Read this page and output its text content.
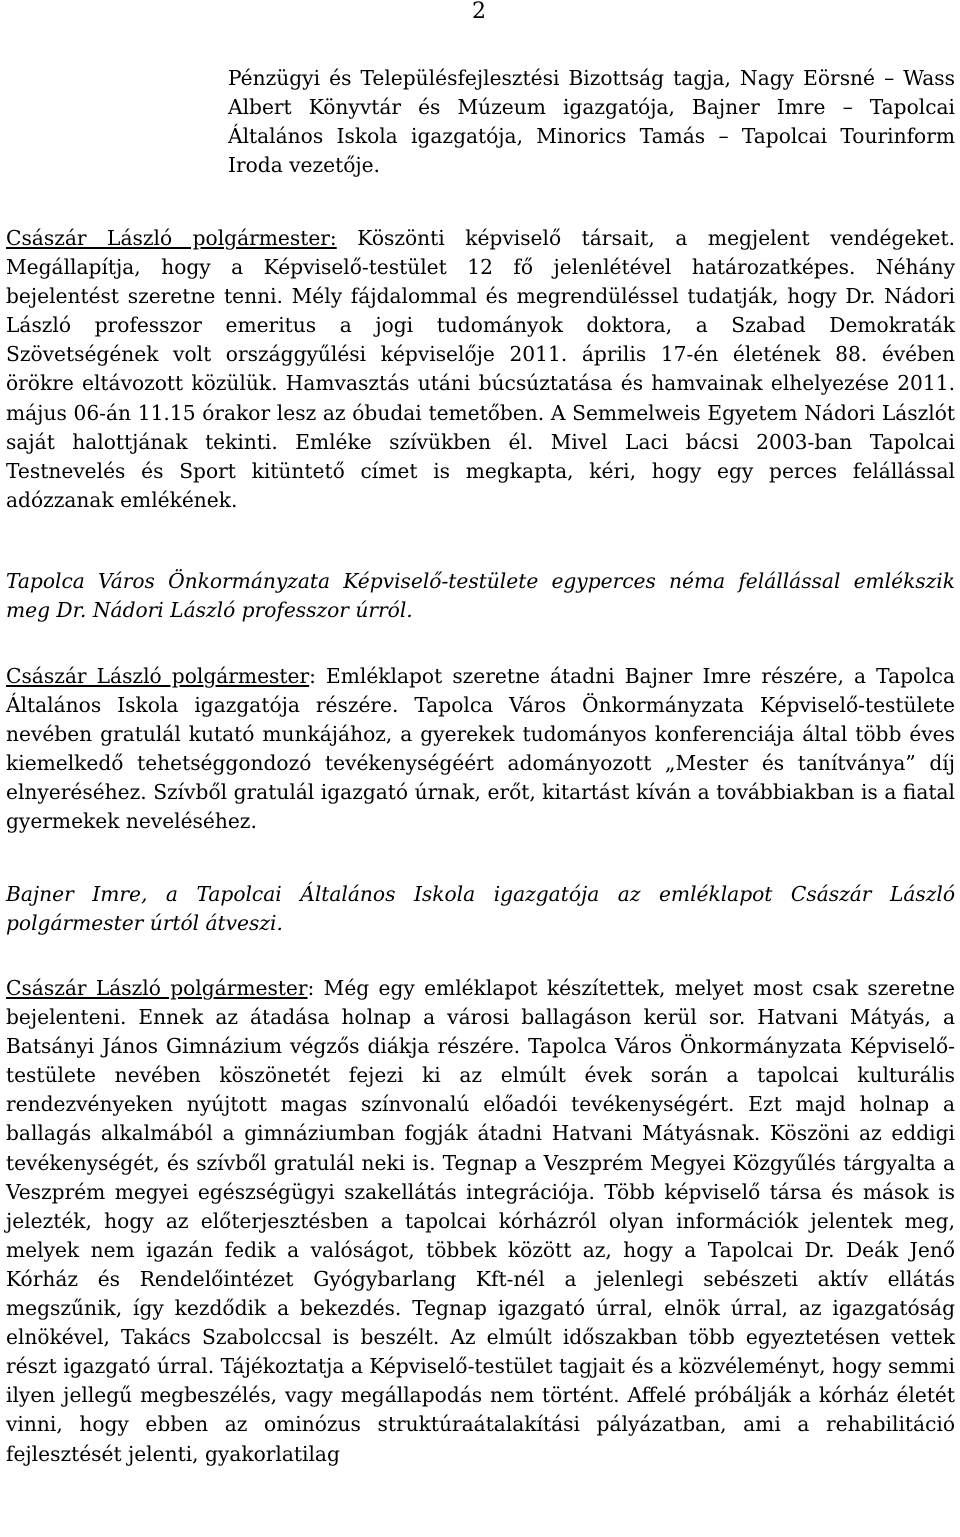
2

Pénzügyi és Településfejlesztési Bizottság tagja, Nagy Eörsné – Wass Albert Könyvtár és Múzeum igazgatója, Bajner Imre – Tapolcai Általános Iskola igazgatója, Minorics Tamás – Tapolcai Tourinform Iroda vezetője.

Császár László polgármester: Köszönti képviselő társait, a megjelent vendégeket. Megállapítja, hogy a Képviselő-testület 12 fő jelenlétével határozatképes. Néhány bejelentést szeretne tenni. Mély fájdalommal és megrendüléssel tudatják, hogy Dr. Nádori László professzor emeritus a jogi tudományok doktora, a Szabad Demokraták Szövetségének volt országgyűlési képviselője 2011. április 17-én életének 88. évében örökre eltávozott közülük. Hamvasztás utáni búcsúztatása és hamvainak elhelyezése 2011. május 06-án 11.15 órakor lesz az óbudai temetőben. A Semmelweis Egyetem Nádori Lászlót saját halottjának tekinti. Emléke szívükben él. Mivel Laci bácsi 2003-ban Tapolcai Testnevelés és Sport kitüntető címet is megkapta, kéri, hogy egy perces felállással adózzanak emlékének.

Tapolca Város Önkormányzata Képviselő-testülete egyperces néma felállással emlékszik meg Dr. Nádori László professzor úrról.

Császár László polgármester: Emléklapot szeretne átadni Bajner Imre részére, a Tapolca Általános Iskola igazgatója részére. Tapolca Város Önkormányzata Képviselő-testülete nevében gratulál kutató munkájához, a gyerekek tudományos konferenciája által több éves kiemelkedő tehetséggondozó tevékenységéért adományozott „Mester és tanítványa” díj elnyeréséhez. Szívből gratulál igazgató úrnak, erőt, kitartást kíván a továbbiakban is a fiatal gyermekek neveléséhez.

Bajner Imre, a Tapolcai Általános Iskola igazgatója az emléklapot Császár László polgármester úrtól átveszi.

Császár László polgármester: Még egy emléklapot készítettek, melyet most csak szeretne bejelenteni. Ennek az átadása holnap a városi ballagáson kerül sor. Hatvani Mátyás, a Batsányi János Gimnázium végzős diákja részére. Tapolca Város Önkormányzata Képviselő-testülete nevében köszönetét fejezi ki az elmúlt évek során a tapolcai kulturális rendezvényeken nyújtott magas színvonalú előadói tevékenységért. Ezt majd holnap a ballagás alkalmából a gimnáziumban fogják átadni Hatvani Mátyásnak. Köszöni az eddigi tevékenységét, és szívből gratulál neki is. Tegnap a Veszprém Megyei Közgyűlés tárgyalta a Veszprém megyei egészségügyi szakellátás integrációja. Több képviselő társa és mások is jelezték, hogy az előterjesztésben a tapolcai kórházról olyan információk jelentek meg, melyek nem igazán fedik a valóságot, többek között az, hogy a Tapolcai Dr. Deák Jenő Kórház és Rendelőintézet Gyógybarlang Kft-nél a jelenlegi sebészeti aktív ellátás megszűnik, így kezdődik a bekezdés. Tegnap igazgató úrral, elnök úrral, az igazgatóság elnökével, Takács Szabolccsal is beszélt. Az elmúlt időszakban több egyeztetésen vettek részt igazgató úrral. Tájékoztatja a Képviselő-testület tagjait és a közvéleményt, hogy semmi ilyen jellegű megbeszélés, vagy megállapodás nem történt. Affelé próbálják a kórház életét vinni, hogy ebben az ominózus struktúraátalakítási pályázatban, ami a rehabilitáció fejlesztését jelenti, gyakorlatilag
